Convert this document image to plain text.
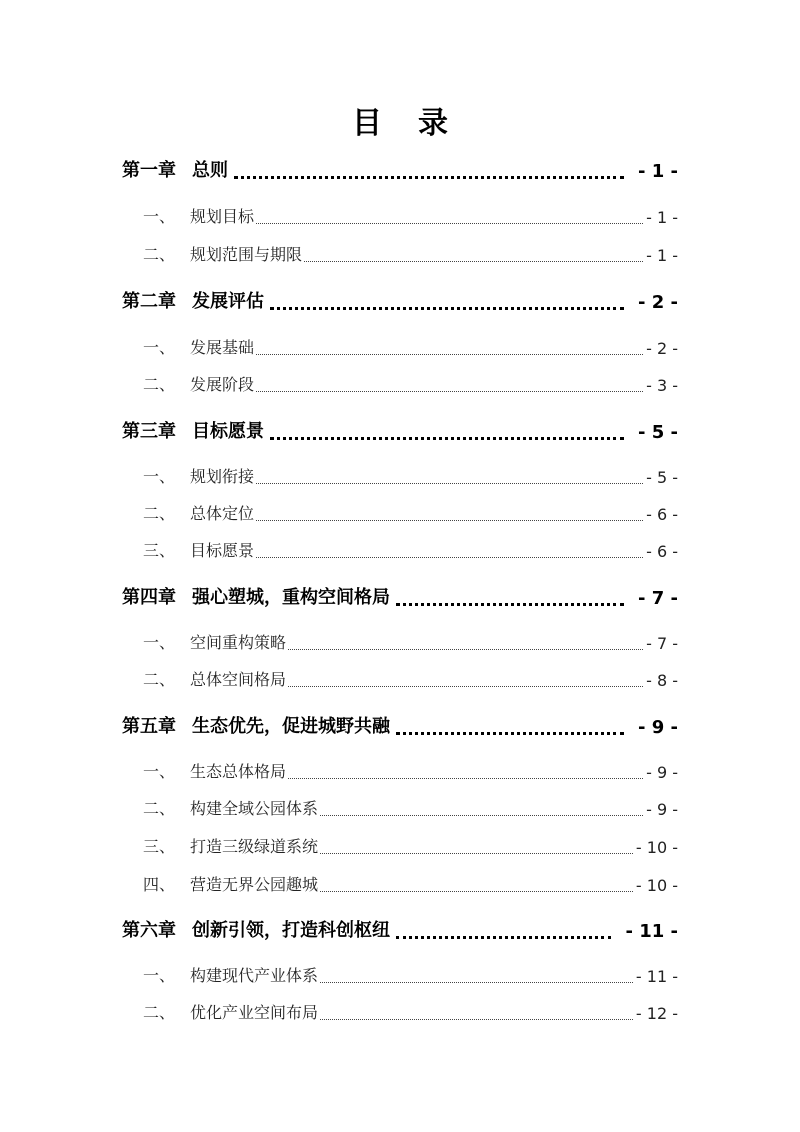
目 录
第一章 总则	- 1 -
一、 规划目标	- 1 -
二、 规划范围与期限	- 1 -
第二章 发展评估	- 2 -
一、 发展基础	- 2 -
二、 发展阶段	- 3 -
第三章 目标愿景	- 5 -
一、 规划衔接	- 5 -
二、 总体定位	- 6 -
三、 目标愿景	- 6 -
第四章 强心塑城，重构空间格局	- 7 -
一、 空间重构策略	- 7 -
二、 总体空间格局	- 8 -
第五章 生态优先，促进城野共融	- 9 -
一、 生态总体格局	- 9 -
二、 构建全域公园体系	- 9 -
三、 打造三级绿道系统	- 10 -
四、 营造无界公园趣城	- 10 -
第六章 创新引领，打造科创枢纽	- 11 -
一、 构建现代产业体系	- 11 -
二、 优化产业空间布局	- 12 -
